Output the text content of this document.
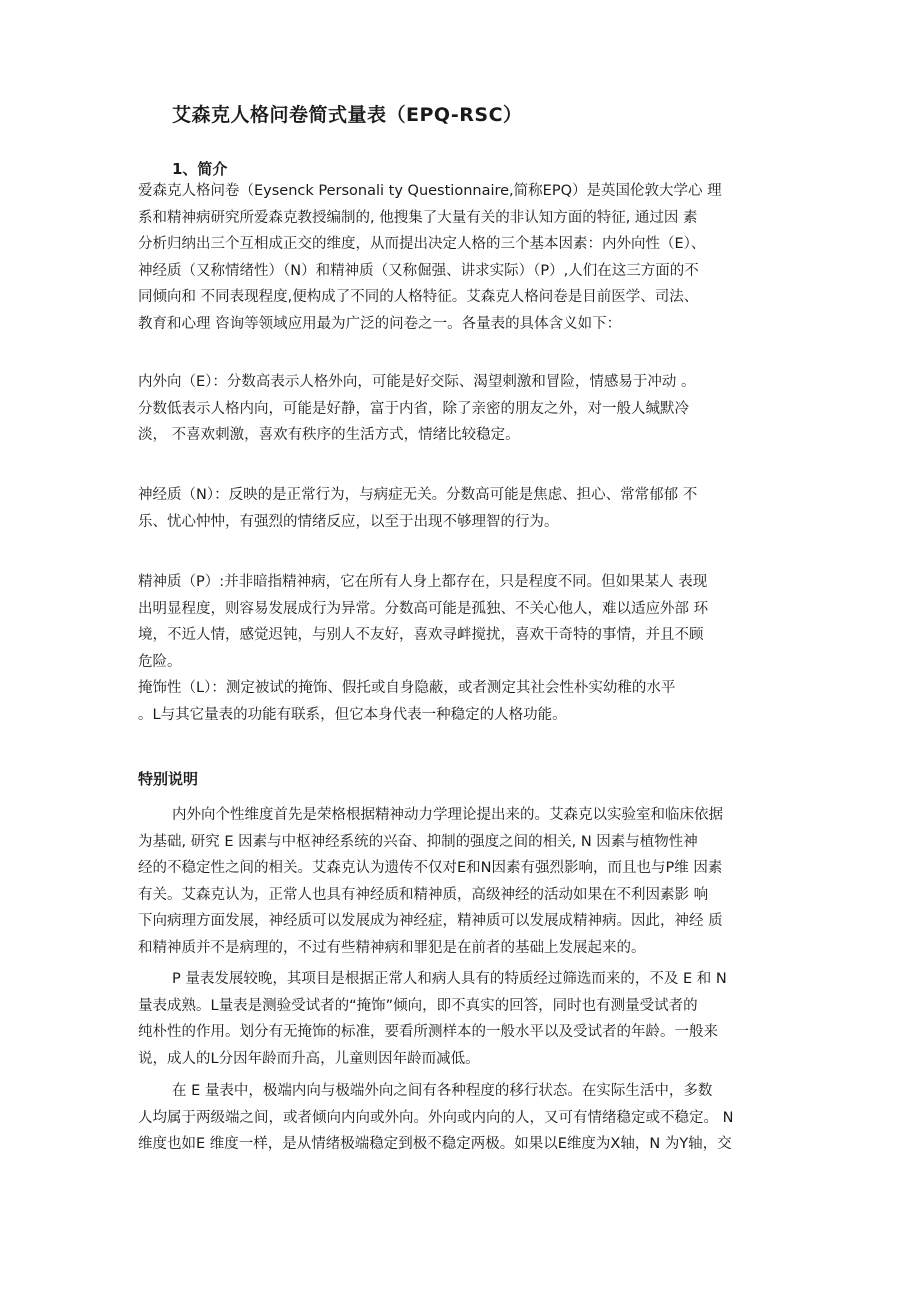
艾森克人格问卷简式量表（EPQ-RSC）
1、简介
爱森克人格问卷（Eysenck Personali ty Questionnaire,简称EPQ）是英国伦敦大学心 理
系和精神病研究所爱森克教授编制的, 他搜集了大量有关的非认知方面的特征, 通过因 素
分析归纳出三个互相成正交的维度，从而提出决定人格的三个基本因素：内外向性（E）、
神经质（又称情绪性）（N）和精神质（又称倔强、讲求实际）（P）,人们在这三方面的不
同倾向和 不同表现程度,便构成了不同的人格特征。艾森克人格问卷是目前医学、司法、
教育和心理 咨询等领域应用最为广泛的问卷之一。各量表的具体含义如下：
内外向（E）：分数高表示人格外向，可能是好交际、渴望刺激和冒险，情感易于冲动 。
分数低表示人格内向，可能是好静，富于内省，除了亲密的朋友之外，对一般人缄默冷
淡， 不喜欢刺激，喜欢有秩序的生活方式，情绪比较稳定。
神经质（N）：反映的是正常行为，与病症无关。分数高可能是焦虑、担心、常常郁郁 不
乐、忧心忡忡，有强烈的情绪反应，以至于出现不够理智的行为。
精神质（P）:并非暗指精神病，它在所有人身上都存在，只是程度不同。但如果某人 表现
出明显程度，则容易发展成行为异常。分数高可能是孤独、不关心他人，难以适应外部 环
境，不近人情，感觉迟钝，与别人不友好，喜欢寻衅搅扰，喜欢干奇特的事情，并且不顾
危险。
掩饰性（L）：测定被试的掩饰、假托或自身隐蔽，或者测定其社会性朴实幼稚的水平
。L与其它量表的功能有联系，但它本身代表一种稳定的人格功能。
特别说明
内外向个性维度首先是荣格根据精神动力学理论提出来的。艾森克以实验室和临床依据
为基础, 研究 E 因素与中枢神经系统的兴奋、抑制的强度之间的相关, N 因素与植物性神
经的不稳定性之间的相关。艾森克认为遗传不仅对E和N因素有强烈影响，而且也与P维 因素
有关。艾森克认为，正常人也具有神经质和精神质，高级神经的活动如果在不利因素影 响
下向病理方面发展，神经质可以发展成为神经症，精神质可以发展成精神病。因此，神经 质
和精神质并不是病理的，不过有些精神病和罪犯是在前者的基础上发展起来的。
P 量表发展较晚，其项目是根据正常人和病人具有的特质经过筛选而来的，不及 E 和 N
量表成熟。L量表是测验受试者的“掩饰”倾向，即不真实的回答，同时也有测量受试者的
纯朴性的作用。划分有无掩饰的标准，要看所测样本的一般水平以及受试者的年龄。一般来
说，成人的L分因年龄而升高，儿童则因年龄而减低。
在 E 量表中，极端内向与极端外向之间有各种程度的移行状态。在实际生活中，多数
人均属于两级端之间，或者倾向内向或外向。外向或内向的人，又可有情绪稳定或不稳定。 N
维度也如E 维度一样，是从情绪极端稳定到极不稳定两极。如果以E维度为X轴，N 为Y轴，交
